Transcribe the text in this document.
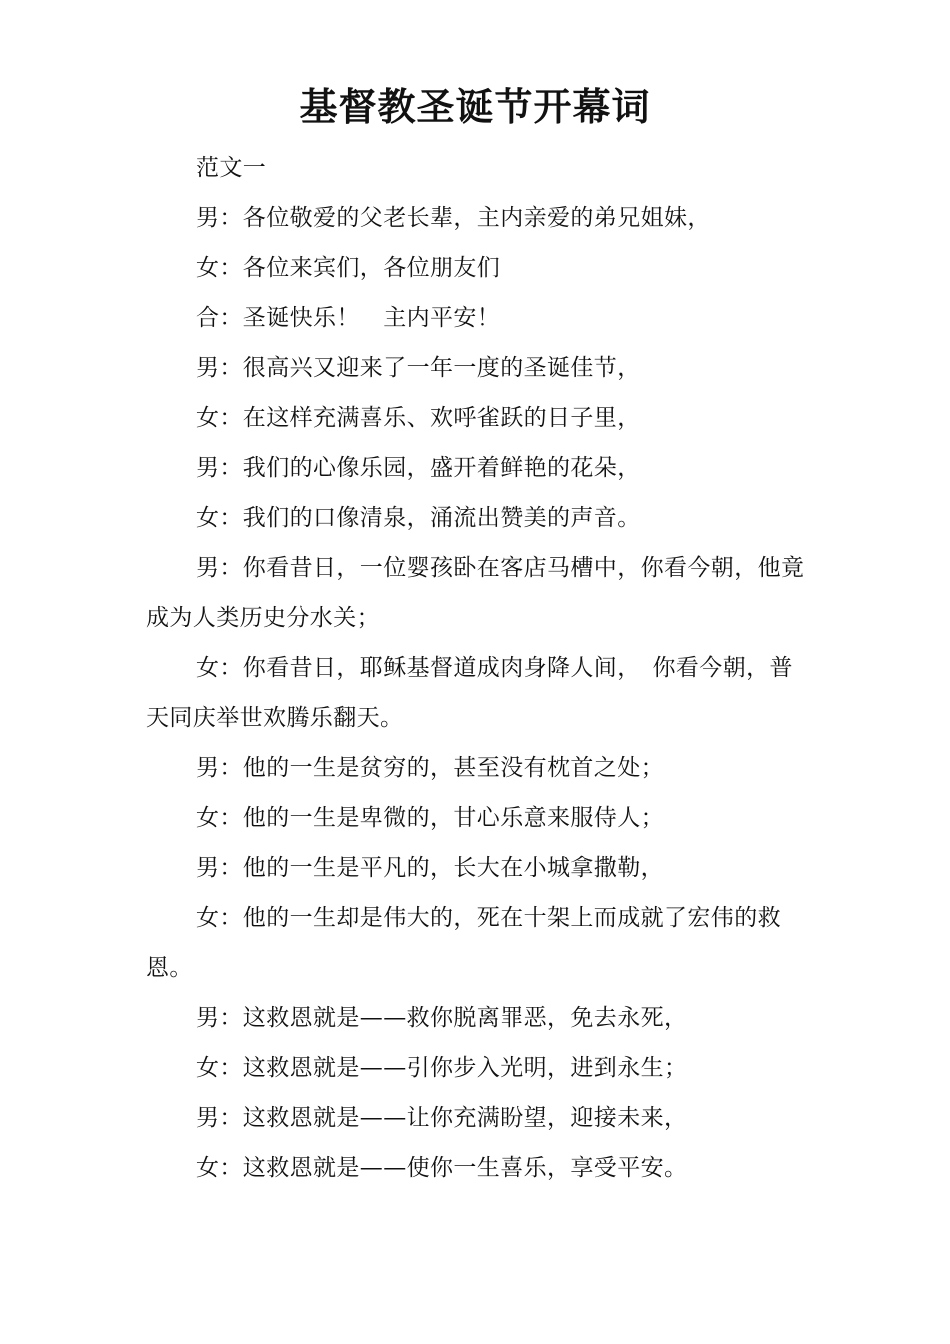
基督教圣诞节开幕词

范文一

男：各位敬爱的父老长辈，主内亲爱的弟兄姐妹，

女：各位来宾们，各位朋友们

合：圣诞快乐！　主内平安！

男：很高兴又迎来了一年一度的圣诞佳节，

女：在这样充满喜乐、欢呼雀跃的日子里，

男：我们的心像乐园，盛开着鲜艳的花朵，

女：我们的口像清泉，涌流出赞美的声音。

男：你看昔日，一位婴孩卧在客店马槽中，你看今朝，他竟成为人类历史分水关；

女：你看昔日，耶稣基督道成肉身降人间，　你看今朝，普天同庆举世欢腾乐翻天。

男：他的一生是贫穷的，甚至没有枕首之处；

女：他的一生是卑微的，甘心乐意来服侍人；

男：他的一生是平凡的，长大在小城拿撒勒，

女：他的一生却是伟大的，死在十架上而成就了宏伟的救恩。

男：这救恩就是——救你脱离罪恶，免去永死，

女：这救恩就是——引你步入光明，进到永生；

男：这救恩就是——让你充满盼望，迎接未来，

女：这救恩就是——使你一生喜乐，享受平安。
